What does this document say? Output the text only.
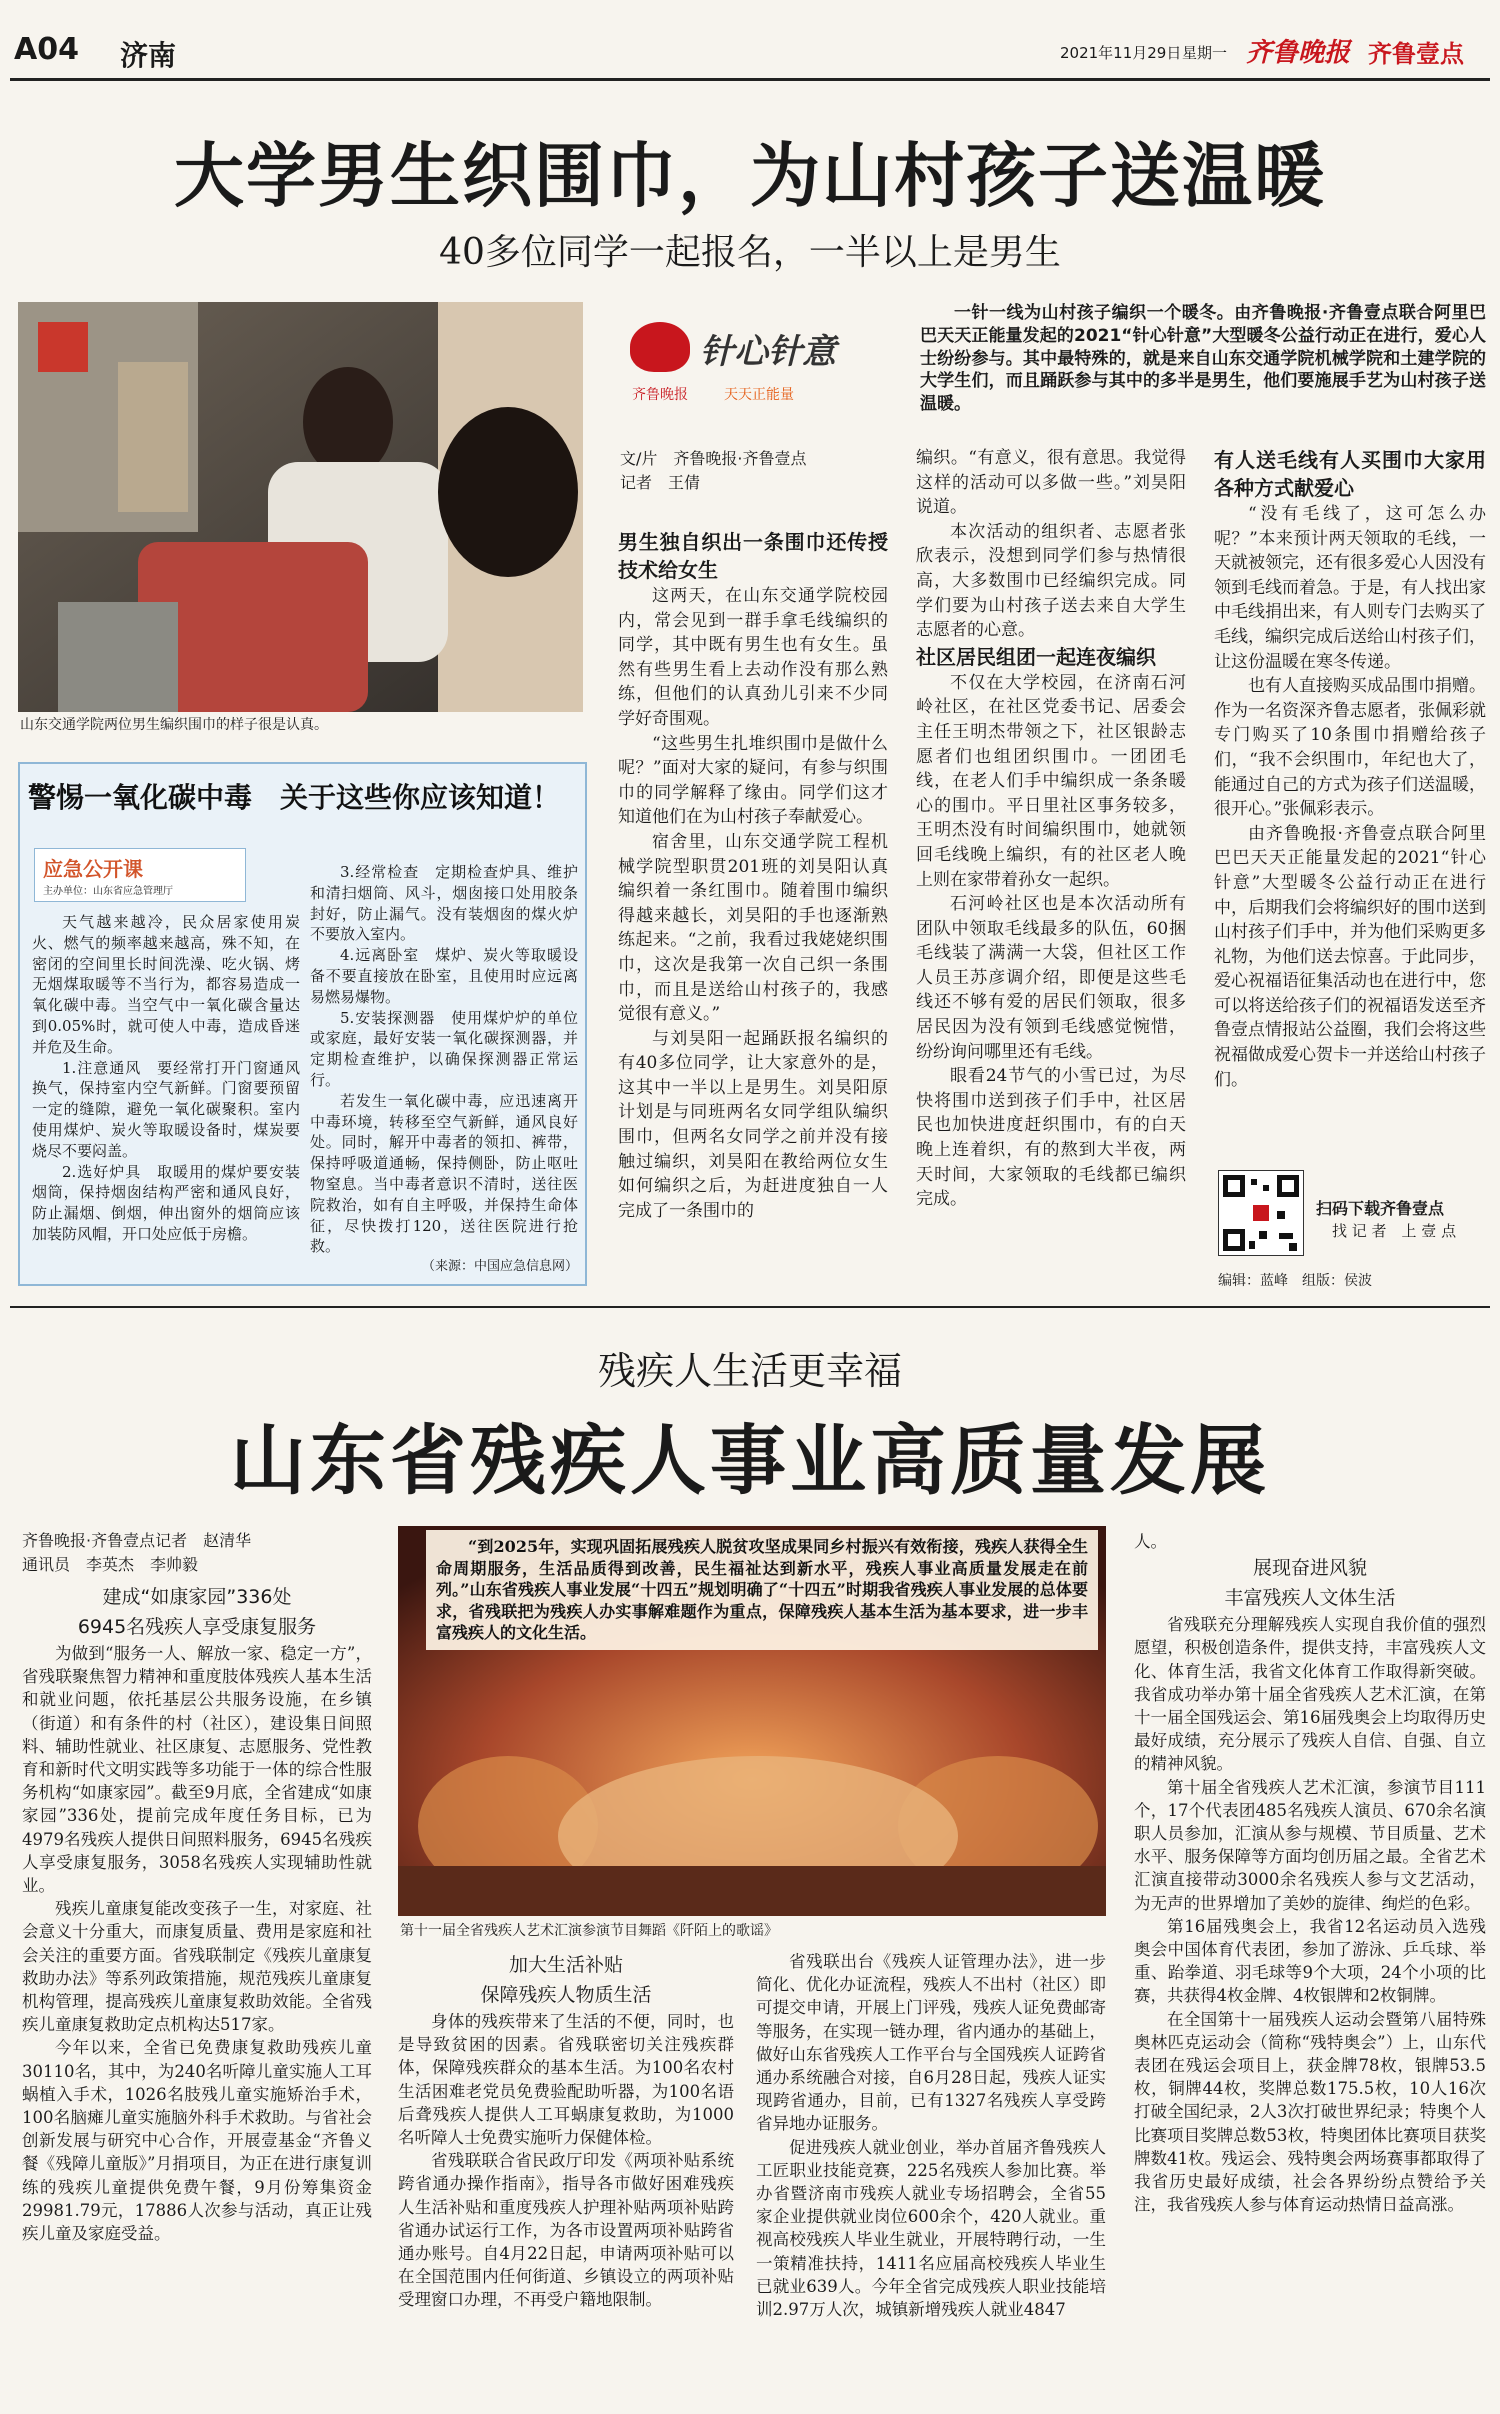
A04 济南	2021年11月29日 星期一 齐鲁晚报 齐鲁壹点
大学男生织围巾，为山村孩子送温暖
40多位同学一起报名，一半以上是男生
山东交通学院两位男生编织围巾的样子很是认真。
警惕一氧化碳中毒　关于这些你应该知道！
应急公开课
主办单位：山东省应急管理厅

天气越来越冷，民众居家使用炭火、燃气的频率越来越高，殊不知，在密闭的空间里长时间洗澡、吃火锅、烤无烟煤取暖等不当行为，都容易造成一氧化碳中毒。当空气中一氧化碳含量达到0.05%时，就可使人中毒，造成昏迷并危及生命。

1.注意通风　要经常打开门窗通风换气，保持室内空气新鲜。门窗要预留一定的缝隙，避免一氧化碳聚积。室内使用煤炉、炭火等取暖设备时，煤炭要烧尽不要闷盖。

2.选好炉具　取暖用的煤炉要安装烟筒，保持烟囱结构严密和通风良好，防止漏烟、倒烟，伸出窗外的烟筒应该加装防风帽，开口处应低于房檐。

3.经常检查　定期检查炉具、维护和清扫烟筒、风斗，烟囱接口处用胶条封好，防止漏气。没有装烟囱的煤火炉不要放入室内。

4.远离卧室　煤炉、炭火等取暖设备不要直接放在卧室，且使用时应远离易燃易爆物。

5.安装探测器　使用煤炉炉的单位或家庭，最好安装一氧化碳探测器，并定期检查维护，以确保探测器正常运行。

若发生一氧化碳中毒，应迅速离开中毒环境，转移至空气新鲜，通风良好处。同时，解开中毒者的领扣、裤带，保持呼吸道通畅，保持侧卧，防止呕吐物窒息。当中毒者意识不清时，送往医院救治，如有自主呼吸，并保持生命体征，尽快拨打120，送往医院进行抢救。

（来源：中国应急信息网）
针心针意
齐鲁晚报	天天正能量
一针一线为山村孩子编织一个暖冬。由齐鲁晚报·齐鲁壹点联合阿里巴巴天天正能量发起的2021“针心针意”大型暖冬公益行动正在进行，爱心人士纷纷参与。其中最特殊的，就是来自山东交通学院机械学院和土建学院的大学生们，而且踊跃参与其中的多半是男生，他们要施展手艺为山村孩子送温暖。
文/片　齐鲁晚报·齐鲁壹点
记者　王倩

男生独自织出一条围巾还传授技术给女生

这两天，在山东交通学院校园内，常会见到一群手拿毛线编织的同学，其中既有男生也有女生。虽然有些男生看上去动作没有那么熟练，但他们的认真劲儿引来不少同学好奇围观。

“这些男生扎堆织围巾是做什么呢？”面对大家的疑问，有参与织围巾的同学解释了缘由。同学们这才知道他们在为山村孩子奉献爱心。

宿舍里，山东交通学院工程机械学院型职贯201班的刘昊阳认真编织着一条红围巾。随着围巾编织得越来越长，刘昊阳的手也逐渐熟练起来。“之前，我看过我姥姥织围巾，这次是我第一次自己织一条围巾，而且是送给山村孩子的，我感觉很有意义。”

与刘昊阳一起踊跃报名编织的有40多位同学，让大家意外的是，这其中一半以上是男生。刘昊阳原计划是与同班两名女同学组队编织围巾，但两名女同学之前并没有接触过编织，刘昊阳在教给两位女生如何编织之后，为赶进度独自一人完成了一条围巾的

编织。“有意义，很有意思。我觉得这样的活动可以多做一些。”刘昊阳说道。

本次活动的组织者、志愿者张欣表示，没想到同学们参与热情很高，大多数围巾已经编织完成。同学们要为山村孩子送去来自大学生志愿者的心意。

社区居民组团一起连夜编织

不仅在大学校园，在济南石河岭社区，在社区党委书记、居委会主任王明杰带领之下，社区银龄志愿者们也组团织围巾。一团团毛线，在老人们手中编织成一条条暖心的围巾。平日里社区事务较多，王明杰没有时间编织围巾，她就领回毛线晚上编织，有的社区老人晚上则在家带着孙女一起织。

石河岭社区也是本次活动所有团队中领取毛线最多的队伍，60捆毛线装了满满一大袋，但社区工作人员王苏彦调介绍，即便是这些毛线还不够有爱的居民们领取，很多居民因为没有领到毛线感觉惋惜，纷纷询问哪里还有毛线。

眼看24节气的小雪已过，为尽快将围巾送到孩子们手中，社区居民也加快进度赶织围巾，有的白天晚上连着织，有的熬到大半夜，两天时间，大家领取的毛线都已编织完成。

有人送毛线有人买围巾大家用各种方式献爱心

“没有毛线了，这可怎么办呢？”本来预计两天领取的毛线，一天就被领完，还有很多爱心人因没有领到毛线而着急。于是，有人找出家中毛线捐出来，有人则专门去购买了毛线，编织完成后送给山村孩子们，让这份温暖在寒冬传递。

也有人直接购买成品围巾捐赠。作为一名资深齐鲁志愿者，张佩彩就专门购买了10条围巾捐赠给孩子们，“我不会织围巾，年纪也大了，能通过自己的方式为孩子们送温暖，很开心。”张佩彩表示。

由齐鲁晚报·齐鲁壹点联合阿里巴巴天天正能量发起的2021“针心针意”大型暖冬公益行动正在进行中，后期我们会将编织好的围巾送到山村孩子们手中，并为他们采购更多礼物，为他们送去惊喜。于此同步，爱心祝福语征集活动也在进行中，您可以将送给孩子们的祝福语发送至齐鲁壹点情报站公益圈，我们会将这些祝福做成爱心贺卡一并送给山村孩子们。

扫码下载齐鲁壹点
找 记 者　上 壹 点
编辑：蓝峰　组版：侯波
残疾人生活更幸福
山东省残疾人事业高质量发展
齐鲁晚报·齐鲁壹点记者　赵清华
通讯员　李英杰　李帅毅
“到2025年，实现巩固拓展残疾人脱贫攻坚成果同乡村振兴有效衔接，残疾人获得全生命周期服务，生活品质得到改善，民生福祉达到新水平，残疾人事业高质量发展走在前列。”山东省残疾人事业发展“十四五”规划明确了“十四五”时期我省残疾人事业发展的总体要求，省残联把为残疾人办实事解难题作为重点，保障残疾人基本生活为基本要求，进一步丰富残疾人的文化生活。
第十一届全省残疾人艺术汇演参演节目舞蹈《阡陌上的歌谣》

建成“如康家园”336处
6945名残疾人享受康复服务

为做到“服务一人、解放一家、稳定一方”，省残联聚焦智力精神和重度肢体残疾人基本生活和就业问题，依托基层公共服务设施，在乡镇（街道）和有条件的村（社区），建设集日间照料、辅助性就业、社区康复、志愿服务、党性教育和新时代文明实践等多功能于一体的综合性服务机构“如康家园”。截至9月底，全省建成“如康家园”336处，提前完成年度任务目标，已为4979名残疾人提供日间照料服务，6945名残疾人享受康复服务，3058名残疾人实现辅助性就业。

残疾儿童康复能改变孩子一生，对家庭、社会意义十分重大，而康复质量、费用是家庭和社会关注的重要方面。省残联制定《残疾儿童康复救助办法》等系列政策措施，规范残疾儿童康复机构管理，提高残疾儿童康复救助效能。全省残疾儿童康复救助定点机构达517家。

今年以来，全省已免费康复救助残疾儿童30110名，其中，为240名听障儿童实施人工耳蜗植入手术，1026名肢残儿童实施矫治手术，100名脑瘫儿童实施脑外科手术救助。与省社会创新发展与研究中心合作，开展壹基金“齐鲁义餐《残障儿童版》”月捐项目，为正在进行康复训练的残疾儿童提供免费午餐，9月份筹集资金29981.79元，17886人次参与活动，真正让残疾儿童及家庭受益。

加大生活补贴
保障残疾人物质生活

身体的残疾带来了生活的不便，同时，也是导致贫困的因素。省残联密切关注残疾群体，保障残疾群众的基本生活。为100名农村生活困难老党员免费验配助听器，为100名语后聋残疾人提供人工耳蜗康复救助，为1000名听障人士免费实施听力保健体检。

省残联联合省民政厅印发《两项补贴系统跨省通办操作指南》，指导各市做好困难残疾人生活补贴和重度残疾人护理补贴两项补贴跨省通办试运行工作，为各市设置两项补贴跨省通办账号。自4月22日起，申请两项补贴可以在全国范围内任何街道、乡镇设立的两项补贴受理窗口办理，不再受户籍地限制。

省残联出台《残疾人证管理办法》，进一步简化、优化办证流程，残疾人不出村（社区）即可提交申请，开展上门评残，残疾人证免费邮寄等服务，在实现一链办理，省内通办的基础上，做好山东省残疾人工作平台与全国残疾人证跨省通办系统融合对接，自6月28日起，残疾人证实现跨省通办，目前，已有1327名残疾人享受跨省异地办证服务。

促进残疾人就业创业，举办首届齐鲁残疾人工匠职业技能竞赛，225名残疾人参加比赛。举办省暨济南市残疾人就业专场招聘会，全省55家企业提供就业岗位600余个，420人就业。重视高校残疾人毕业生就业，开展特聘行动，一生一策精准扶持，1411名应届高校残疾人毕业生已就业639人。今年全省完成残疾人职业技能培训2.97万人次，城镇新增残疾人就业4847

人。

展现奋进风貌
丰富残疾人文体生活

省残联充分理解残疾人实现自我价值的强烈愿望，积极创造条件，提供支持，丰富残疾人文化、体育生活，我省文化体育工作取得新突破。我省成功举办第十届全省残疾人艺术汇演，在第十一届全国残运会、第16届残奥会上均取得历史最好成绩，充分展示了残疾人自信、自强、自立的精神风貌。

第十届全省残疾人艺术汇演，参演节目111个，17个代表团485名残疾人演员、670余名演职人员参加，汇演从参与规模、节目质量、艺术水平、服务保障等方面均创历届之最。全省艺术汇演直接带动3000余名残疾人参与文艺活动，为无声的世界增加了美妙的旋律、绚烂的色彩。

第16届残奥会上，我省12名运动员入选残奥会中国体育代表团，参加了游泳、乒乓球、举重、跆拳道、羽毛球等9个大项，24个小项的比赛，共获得4枚金牌、4枚银牌和2枚铜牌。

在全国第十一届残疾人运动会暨第八届特殊奥林匹克运动会（简称“残特奥会”）上，山东代表团在残运会项目上，获金牌78枚，银牌53.5枚，铜牌44枚，奖牌总数175.5枚，10人16次打破全国纪录，2人3次打破世界纪录；特奥个人比赛项目奖牌总数53枚，特奥团体比赛项目获奖牌数41枚。残运会、残特奥会两场赛事都取得了我省历史最好成绩，社会各界纷纷点赞给予关注，我省残疾人参与体育运动热情日益高涨。
